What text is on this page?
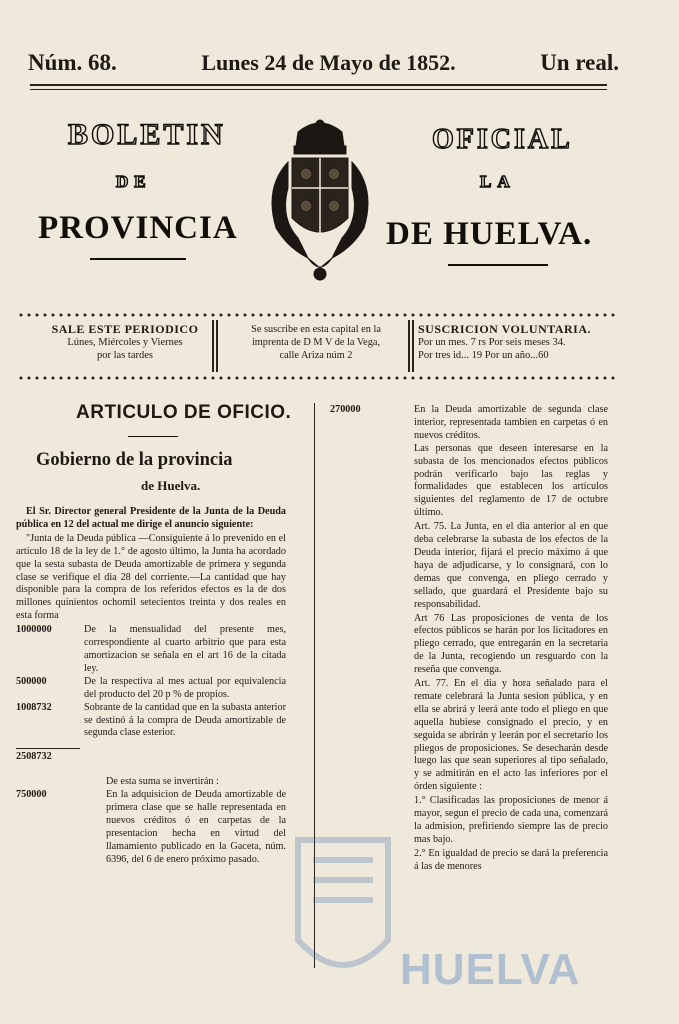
Núm. 68.	Lunes 24 de Mayo de 1852.	Un real.
BOLETIN	OFICIAL
DE	LA
PROVINCIA	DE HUELVA.
SALE ESTE PERIODICO
Lúnes, Miércoles y Viernes
por las tardes
Se suscribe en esta capital en la
imprenta de D M V de la Vega,
calle Ariza núm 2
SUSCRICION VOLUNTARIA.
Por un mes. 7 rs Por seis meses 34.
Por tres id... 19 Por un año...60
ARTICULO DE OFICIO.
Gobierno de la provincia
de Huelva.

El Sr. Director general Presidente de la Junta de la Deuda pública en 12 del actual me dirige el anuncio siguiente:

"Junta de la Deuda pública —Consiguiente á lo prevenido en el artículo 18 de la ley de 1.° de agosto último, la Junta ha acordado que la sesta subasta de Deuda amortizable de primera y segunda clase se verifique el dia 28 del corriente.—La cantidad que hay disponible para la compra de los referidos efectos es la de dos millones quinientos ochomil setecientos treinta y dos reales en esta forma

1000000	De la mensualidad del presente mes, correspondiente al cuarto arbitrio que para esta amortizacion se señala en el art 16 de la citada ley.
500000	De la respectiva al mes actual por equivalencia del producto del 20 p % de propios.
1008732	Sobrante de la cantidad que en la subasta anterior se destinó á la compra de Deuda amortizable de segunda clase esterior.
2508732
De esta suma se invertirán :
750000	En la adquisicion de Deuda amortizable de primera clase que se halle representada en nuevos créditos ó en carpetas de la presentacion hecha en virtud del llamamiento publicado en la Gaceta, núm. 6396, del 6 de enero próximo pasado.
270000	En la Deuda amortizable de segunda clase interior, representada tambien en carpetas ó en nuevos créditos.

Las personas que deseen interesarse en la subasta de los mencionados efectos públicos podrán verificarlo bajo las reglas y formalidades que establecen los artículos siguientes del reglamento de 17 de octubre último.

Art. 75. La Junta, en el dia anterior al en que deba celebrarse la subasta de los efectos de la Deuda interior, fijará el precio máximo á que haya de adjudicarse, y lo consignará, con lo demas que convenga, en pliego cerrado y sellado, que guardará el Presidente bajo su responsabilidad.

Art 76 Las proposiciones de venta de los efectos públicos se harán por los licitadores en pliego cerrado, que entregarán en la secretaria de la Junta, recogiendo un resguardo con la reseña que convenga.

Art. 77. En el dia y hora señalado para el remate celebrará la Junta sesion pública, y en ella se abrirá y leerá ante todo el pliego en que aquella hubiese consignado el precio, y en seguida se abrirán y leerán por el secretario los pliegos de proposiciones. Se desecharán desde luego las que sean superiores al tipo señalado, y se admitirán en el acto las inferiores por el órden siguiente :

1.° Clasificadas las proposiciones de menor á mayor, segun el precio de cada una, comenzará la admision, prefiriendo siempre las de precio mas bajo.

2.° En igualdad de precio se dará la preferencia á las de menores

HUELVA
